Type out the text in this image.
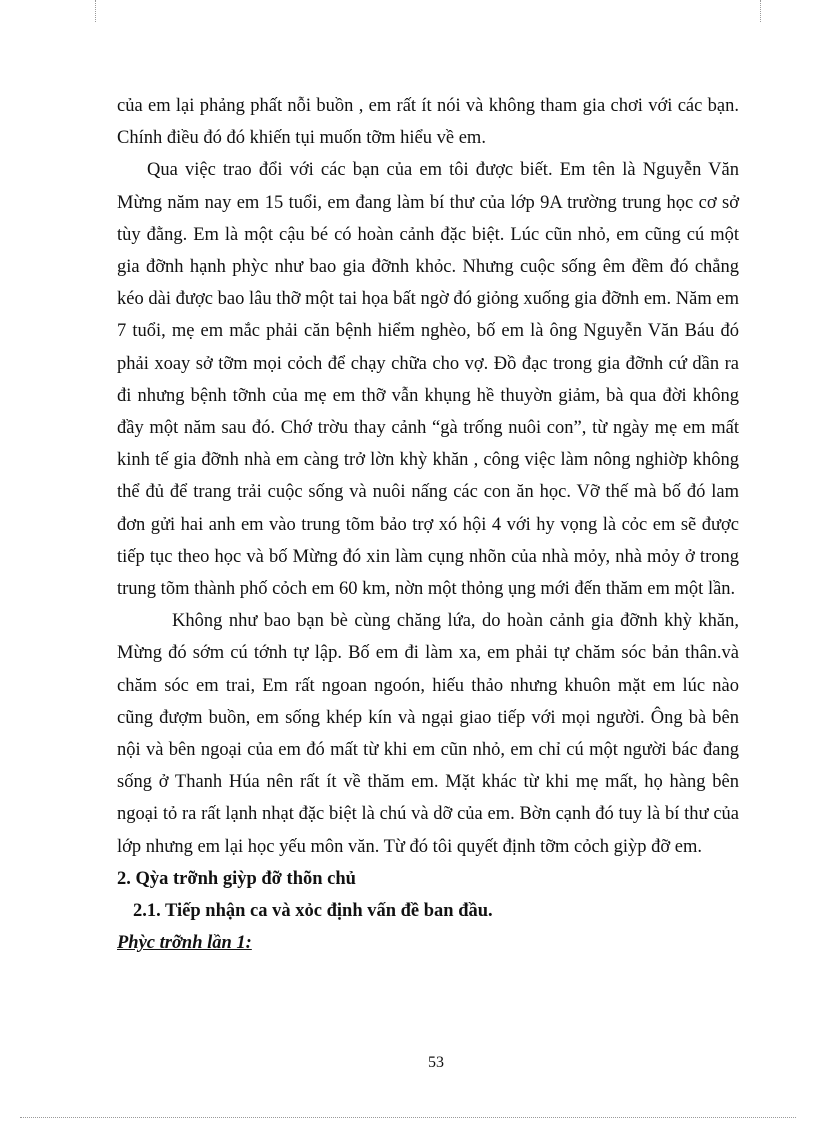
của em lại phảng phất nỗi buồn , em rất ít nói và không tham gia chơi với các bạn. Chính điều đó đó khiến tụi muốn tỡm hiểu về em.

Qua việc trao đổi với các bạn của em tôi được biết. Em tên là Nguyễn Văn Mừng năm nay em 15 tuổi, em đang làm bí thư của lớp 9A trường trung học cơ sở tùy đằng. Em là một cậu bé có hoàn cảnh đặc biệt. Lúc cũn nhỏ, em cũng cú một gia đỡnh hạnh phỳc như bao gia đỡnh khỏc. Nhưng cuộc sống êm đềm đó chẳng kéo dài được bao lâu thỡ một tai họa bất ngờ đó giỏng xuống gia đỡnh em. Năm em 7 tuổi, mẹ em mắc phải căn bệnh hiểm nghèo, bố em là ông Nguyễn Văn Báu đó phải xoay sở tỡm mọi cỏch để chạy chữa cho vợ. Đồ đạc trong gia đỡnh cứ dần ra đi nhưng bệnh tỡnh của mẹ em thỡ vẫn khụng hề thuyờn giảm, bà qua đời không đầy một năm sau đó. Chớ trờu thay cảnh “gà trống nuôi con”, từ ngày mẹ em mất kinh tế gia đỡnh nhà em càng trở lờn khỳ khăn , công việc làm nông nghiờp không thể đủ để trang trải cuộc sống và nuôi nấng các con ăn học. Vỡ thế mà bố đó lam đơn gửi hai anh em vào trung tõm bảo trợ xó hội 4 với hy vọng là cỏc em sẽ được tiếp tục theo học và bố Mừng đó xin làm cụng nhõn của nhà mỏy, nhà mỏy ở trong trung tõm thành phố cỏch em 60 km, nờn một thỏng ụng mới đến thăm em một lần.

Không như bao bạn bè cùng chăng lứa, do hoàn cảnh gia đỡnh khỳ khăn, Mừng đó sớm cú tớnh tự lập. Bố em đi làm xa, em phải tự chăm sóc bản thân.và chăm sóc em trai, Em rất ngoan ngoón, hiếu thảo nhưng khuôn mặt em lúc nào cũng đượm buồn, em sống khép kín và ngại giao tiếp với mọi người. Ông bà bên nội và bên ngoại của em đó mất từ khi em cũn nhỏ, em chỉ cú một người bác đang sống ở Thanh Húa nên rất ít về thăm em. Mặt khác từ khi mẹ mất, họ hàng bên ngoại tỏ ra rất lạnh nhạt đặc biệt là chú và dỡ của em. Bờn cạnh đó tuy là bí thư của lớp nhưng em lại học yếu môn văn. Từ đó tôi quyết định tỡm cỏch giỳp đỡ em.

2. Qỳa trỡnh giỳp đỡ thõn chủ

2.1. Tiếp nhận ca và xỏc định vấn đề ban đầu.

Phỳc trỡnh lần 1:

53
